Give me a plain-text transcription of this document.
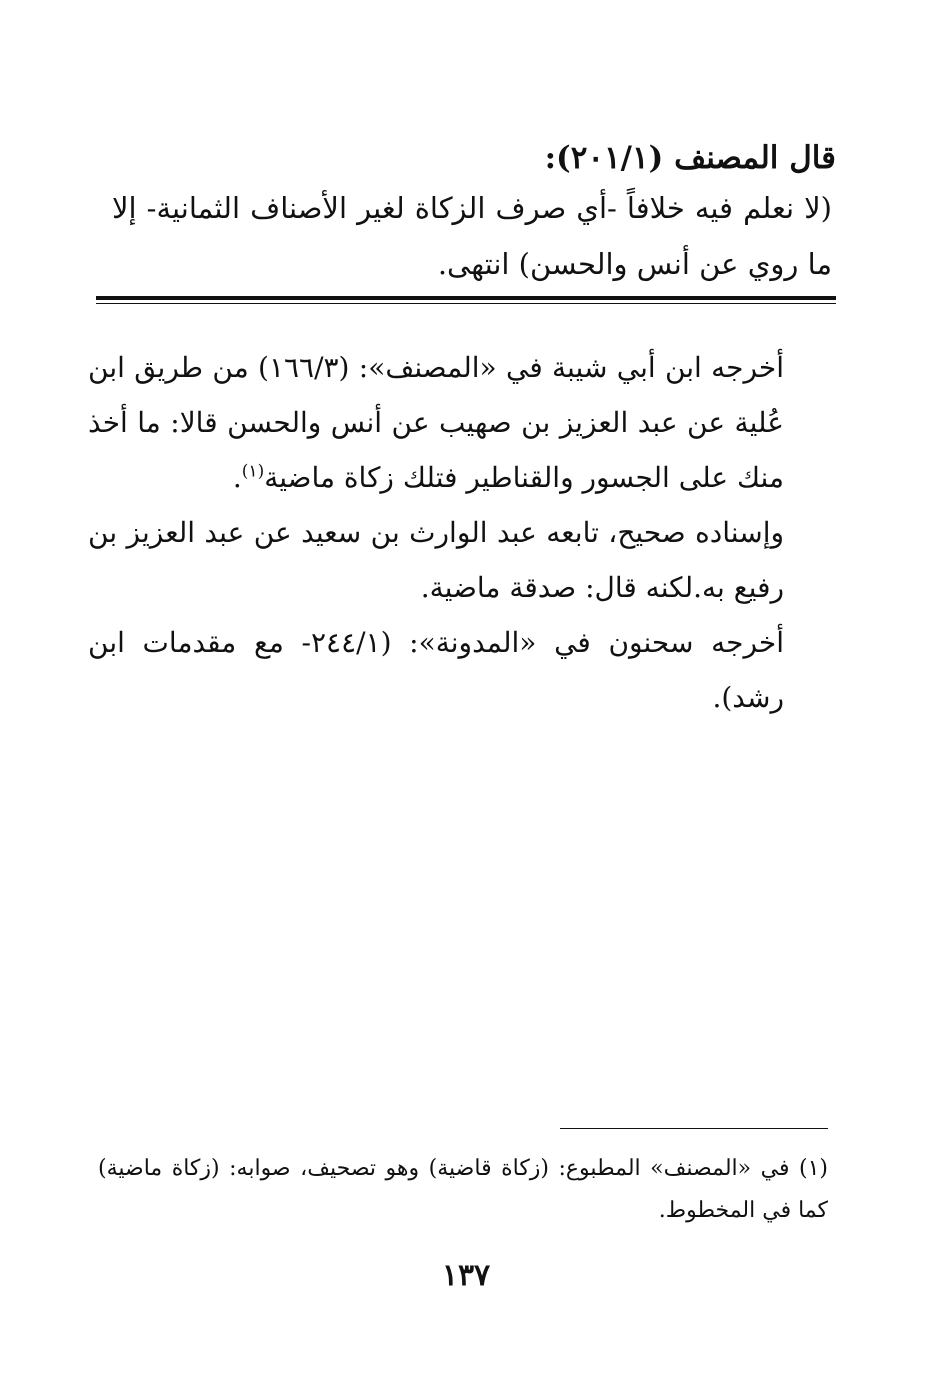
قال المصنف (٢٠١/١):
(لا نعلم فيه خلافاً -أي صرف الزكاة لغير الأصناف الثمانية- إلا ما روي عن أنس والحسن) انتهى.

أخرجه ابن أبي شيبة في «المصنف»: (١٦٦/٣) من طريق ابن عُلية عن عبد العزيز بن صهيب عن أنس والحسن قالا: ما أخذ منك على الجسور والقناطير فتلك زكاة ماضية$^{(١)}$.

وإسناده صحيح، تابعه عبد الوارث بن سعيد عن عبد العزيز بن رفيع به.لكنه قال: صدقة ماضية.

أخرجه سحنون في «المدونة»: (٢٤٤/١- مع مقدمات ابن رشد).

(١) في «المصنف» المطبوع: (زكاة قاضية) وهو تصحيف، صوابه: (زكاة ماضية) كما في المخطوط.
١٣٧
